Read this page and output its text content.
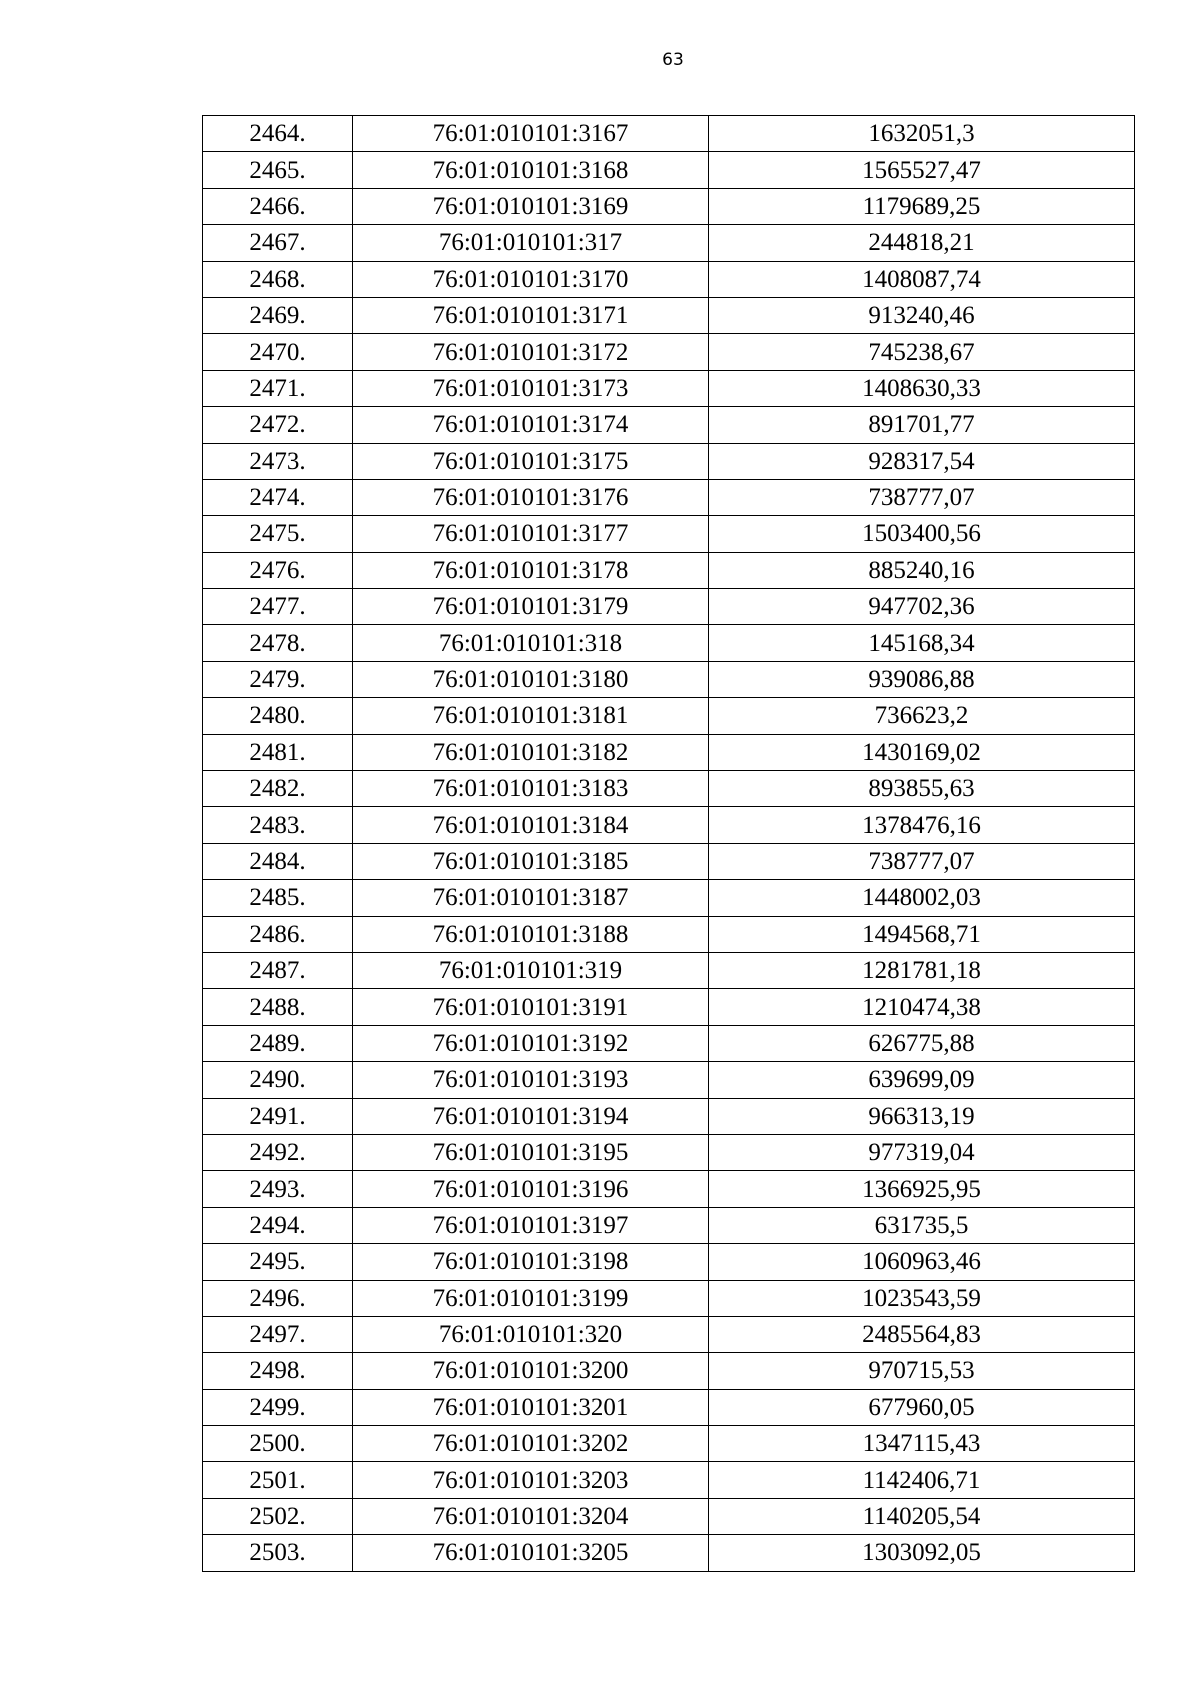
63
2464.	76:01:010101:3167	1632051,3
2465.	76:01:010101:3168	1565527,47
2466.	76:01:010101:3169	1179689,25
2467.	76:01:010101:317	244818,21
2468.	76:01:010101:3170	1408087,74
2469.	76:01:010101:3171	913240,46
2470.	76:01:010101:3172	745238,67
2471.	76:01:010101:3173	1408630,33
2472.	76:01:010101:3174	891701,77
2473.	76:01:010101:3175	928317,54
2474.	76:01:010101:3176	738777,07
2475.	76:01:010101:3177	1503400,56
2476.	76:01:010101:3178	885240,16
2477.	76:01:010101:3179	947702,36
2478.	76:01:010101:318	145168,34
2479.	76:01:010101:3180	939086,88
2480.	76:01:010101:3181	736623,2
2481.	76:01:010101:3182	1430169,02
2482.	76:01:010101:3183	893855,63
2483.	76:01:010101:3184	1378476,16
2484.	76:01:010101:3185	738777,07
2485.	76:01:010101:3187	1448002,03
2486.	76:01:010101:3188	1494568,71
2487.	76:01:010101:319	1281781,18
2488.	76:01:010101:3191	1210474,38
2489.	76:01:010101:3192	626775,88
2490.	76:01:010101:3193	639699,09
2491.	76:01:010101:3194	966313,19
2492.	76:01:010101:3195	977319,04
2493.	76:01:010101:3196	1366925,95
2494.	76:01:010101:3197	631735,5
2495.	76:01:010101:3198	1060963,46
2496.	76:01:010101:3199	1023543,59
2497.	76:01:010101:320	2485564,83
2498.	76:01:010101:3200	970715,53
2499.	76:01:010101:3201	677960,05
2500.	76:01:010101:3202	1347115,43
2501.	76:01:010101:3203	1142406,71
2502.	76:01:010101:3204	1140205,54
2503.	76:01:010101:3205	1303092,05
